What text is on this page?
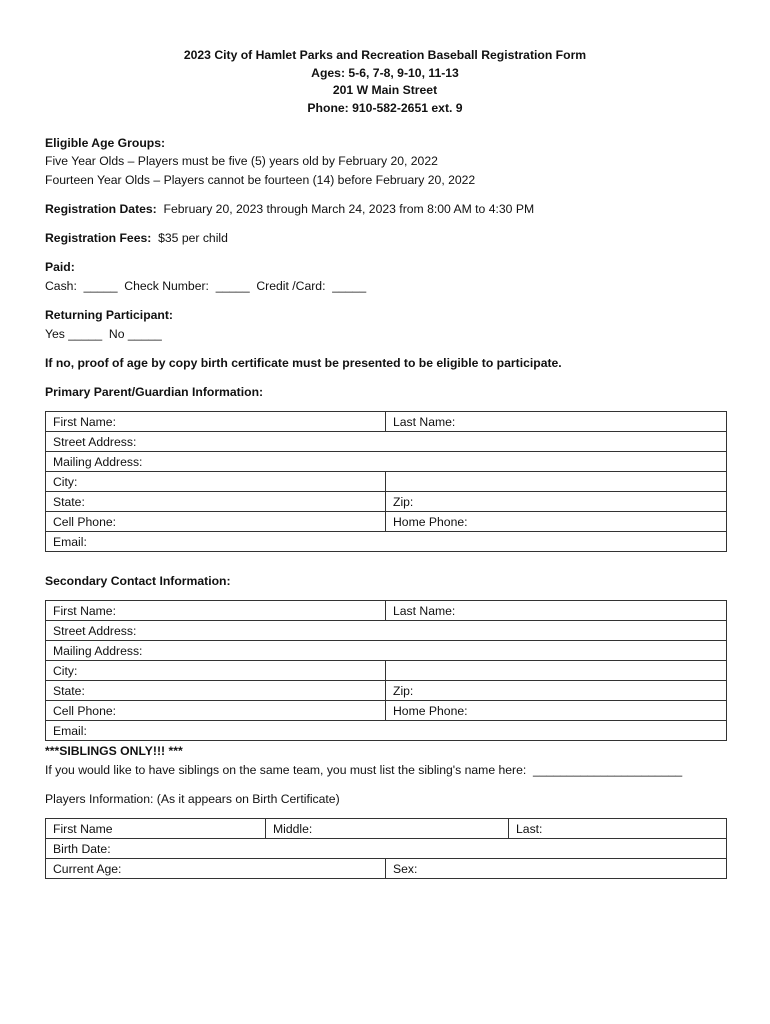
2023 City of Hamlet Parks and Recreation Baseball Registration Form
Ages: 5-6, 7-8, 9-10, 11-13
201 W Main Street
Phone: 910-582-2651 ext. 9
Eligible Age Groups:
Five Year Olds – Players must be five (5) years old by February 20, 2022
Fourteen Year Olds – Players cannot be fourteen (14) before February 20, 2022
Registration Dates: February 20, 2023 through March 24, 2023 from 8:00 AM to 4:30 PM
Registration Fees: $35 per child
Paid:
Cash:  _____  Check Number:  _____  Credit /Card:  _____
Returning Participant:
Yes _____  No _____
If no, proof of age by copy birth certificate must be presented to be eligible to participate.
Primary Parent/Guardian Information:
First Name:	Last Name:
Street Address:	
Mailing Address:	
City:	
State:	Zip:
Cell Phone:	Home Phone:
Email:	
Secondary Contact Information:
First Name:	Last Name:
Street Address:	
Mailing Address:	
City:	
State:	Zip:
Cell Phone:	Home Phone:
Email:	
***SIBLINGS ONLY!!! ***
If you would like to have siblings on the same team, you must list the sibling's name here:  ______________________
Players Information: (As it appears on Birth Certificate)
First Name	Middle:		Last:
Birth Date:			
Current Age:		Sex:	
